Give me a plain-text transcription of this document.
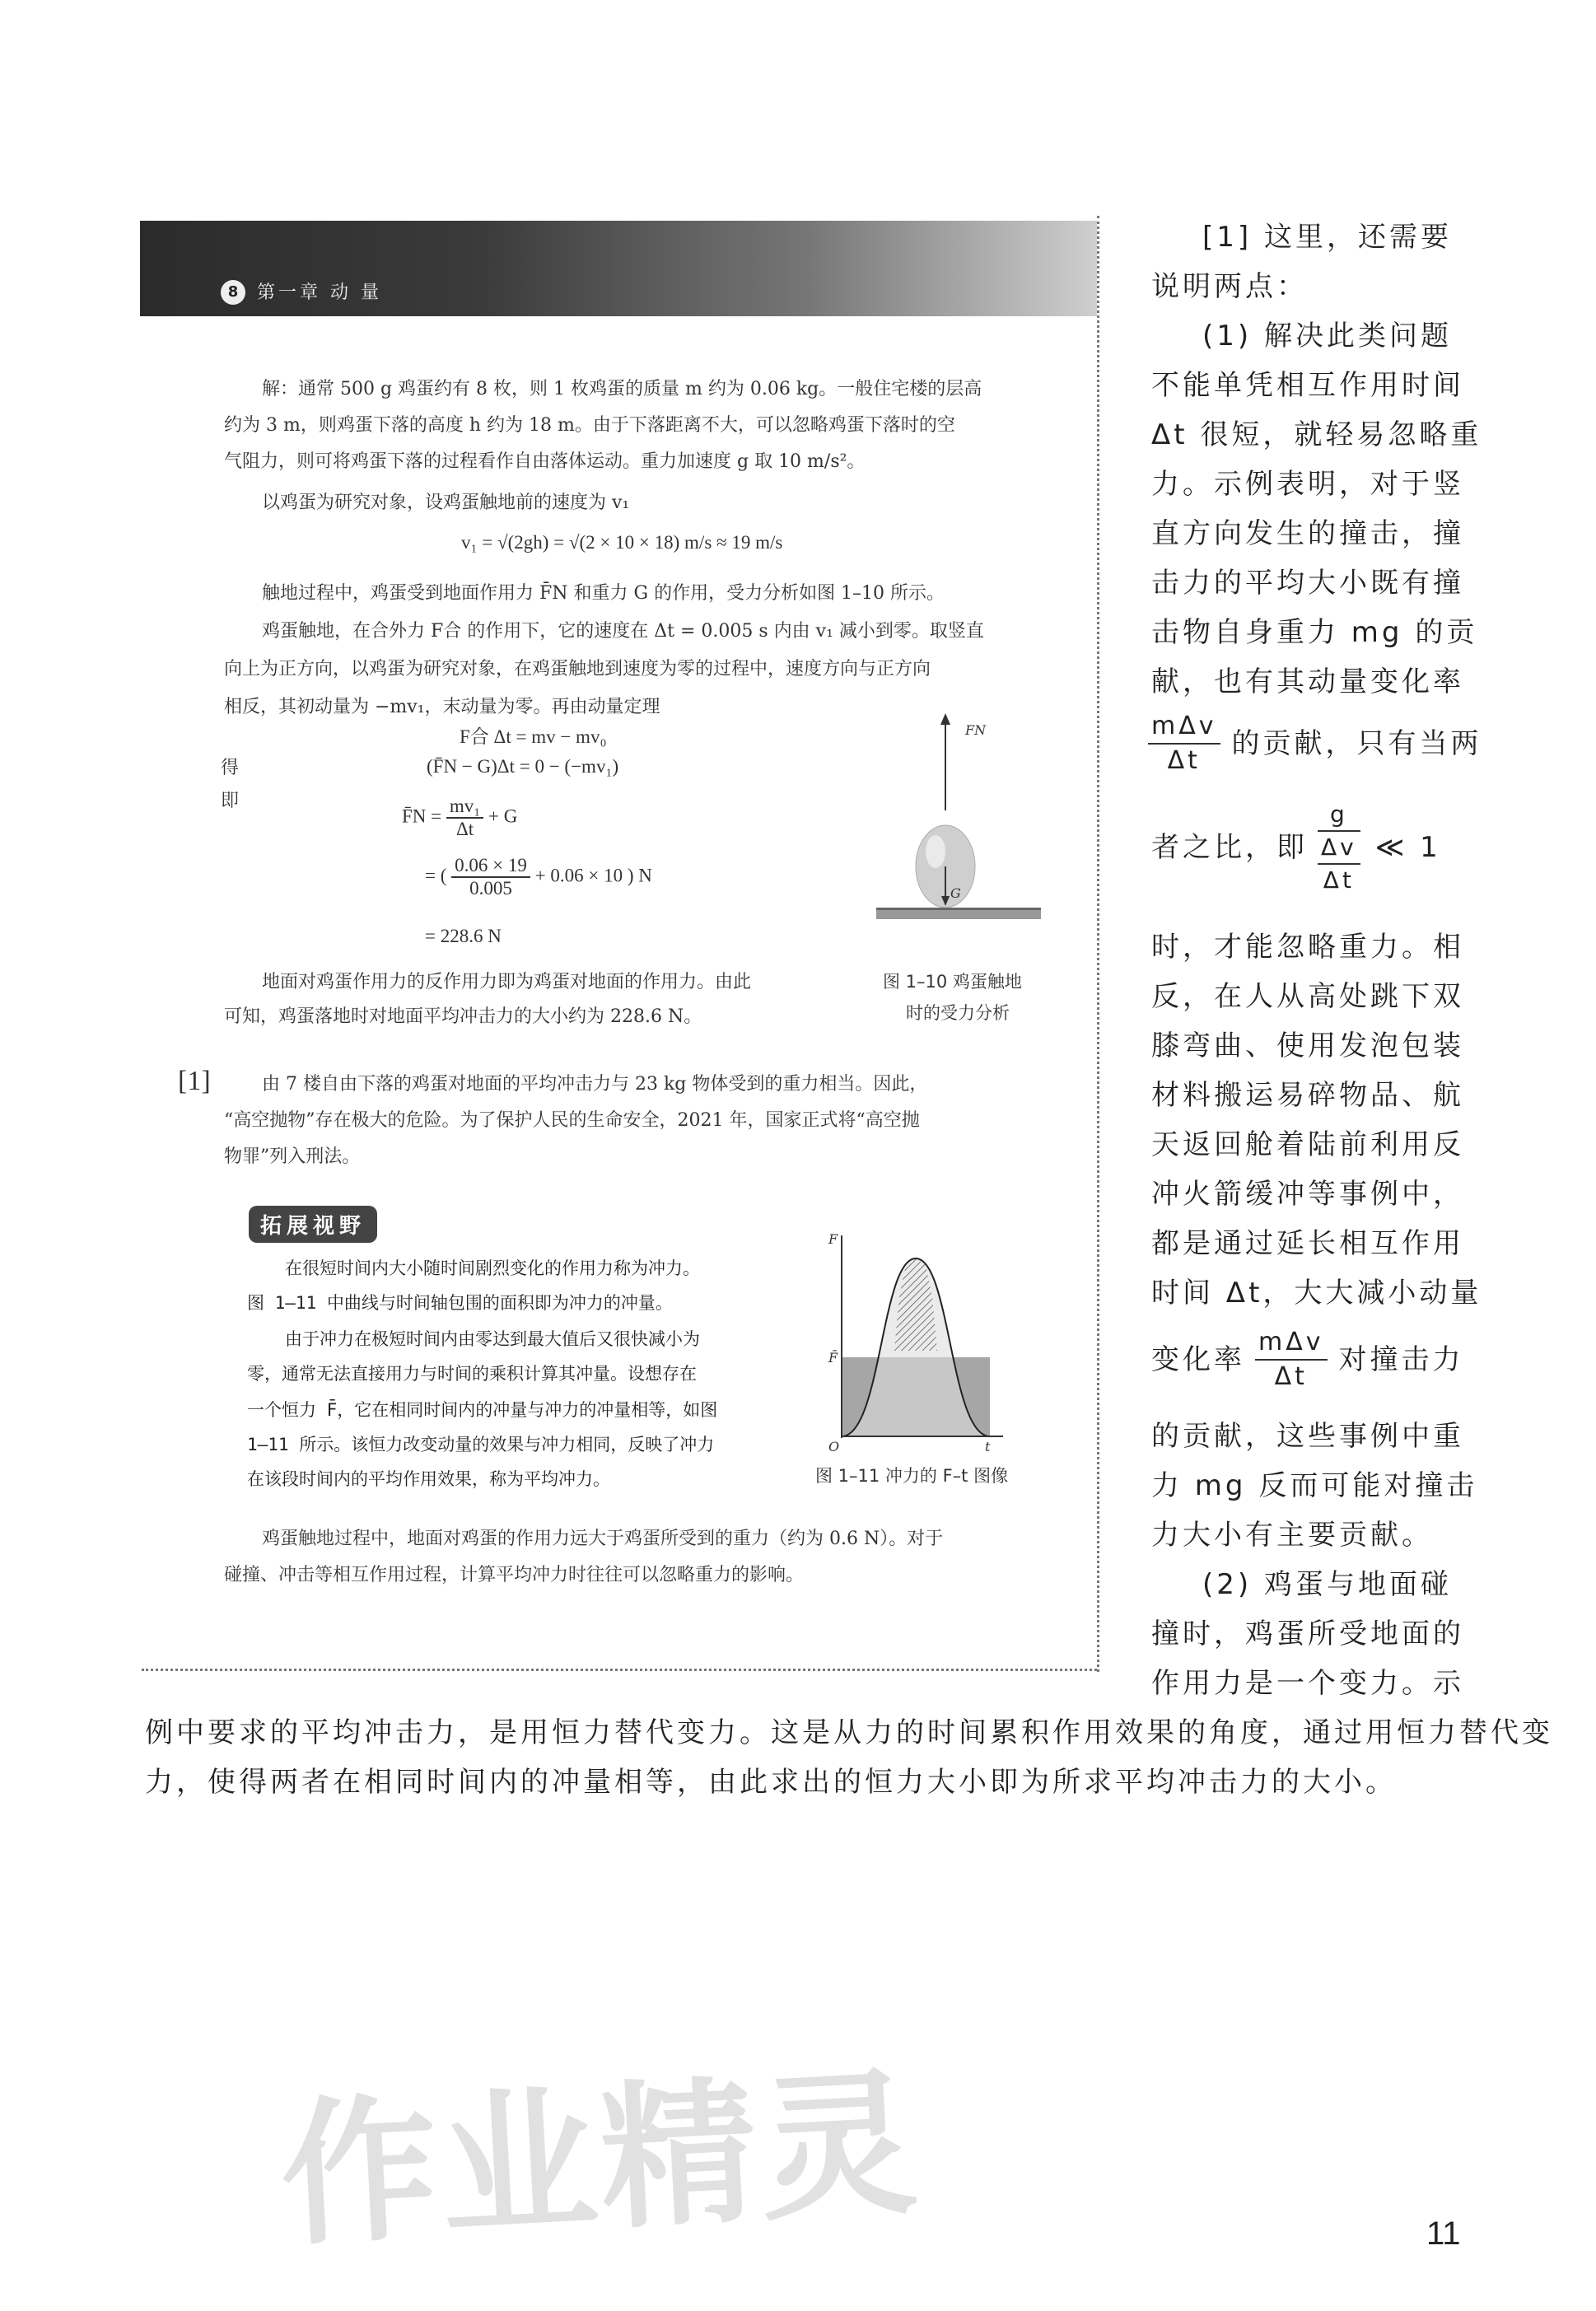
8	第一章 动 量
解：通常 500 g 鸡蛋约有 8 枚，则 1 枚鸡蛋的质量 m 约为 0.06 kg。一般住宅楼的层高
约为 3 m，则鸡蛋下落的高度 h 约为 18 m。由于下落距离不大，可以忽略鸡蛋下落时的空
气阻力，则可将鸡蛋下落的过程看作自由落体运动。重力加速度 g 取 10 m/s²。
以鸡蛋为研究对象，设鸡蛋触地前的速度为 v₁
v₁ = √(2gh) = √(2 × 10 × 18) m/s ≈ 19 m/s
触地过程中，鸡蛋受到地面作用力 F̄N 和重力 G 的作用，受力分析如图 1–10 所示。
鸡蛋触地，在合外力 F合 的作用下，它的速度在 Δt = 0.005 s 内由 v₁ 减小到零。取竖直
向上为正方向，以鸡蛋为研究对象，在鸡蛋触地到速度为零的过程中，速度方向与正方向
相反，其初动量为 −mv₁，末动量为零。再由动量定理
F合 Δt = mv − mv₀
得	(F̄N − G)Δt = 0 − (−mv₁)
即
F̄N = $\frac{\text{mv₁}}{\Delta t} + G$
= ( $\frac{0.06 \times 19}{0.005} + 0.06 \times 10$ ) N
= 228.6 N
地面对鸡蛋作用力的反作用力即为鸡蛋对地面的作用力。由此
可知，鸡蛋落地时对地面平均冲击力的大小约为 228.6 N。
FN
G
图 1–10 鸡蛋触地
时的受力分析
[1]	由 7 楼自由下落的鸡蛋对地面的平均冲击力与 23 kg 物体受到的重力相当。因此，
“高空抛物”存在极大的危险。为了保护人民的生命安全，2021 年，国家正式将“高空抛
物罪”列入刑法。
拓展视野
在很短时间内大小随时间剧烈变化的作用力称为冲力。
图 1–11 中曲线与时间轴包围的面积即为冲力的冲量。
由于冲力在极短时间内由零达到最大值后又很快减小为
零，通常无法直接用力与时间的乘积计算其冲量。设想存在
一个恒力 F̄，它在相同时间内的冲量与冲力的冲量相等，如图
1–11 所示。该恒力改变动量的效果与冲力相同，反映了冲力
在该段时间内的平均作用效果，称为平均冲力。
F
F̄
O	t
图 1–11 冲力的 F–t 图像
鸡蛋触地过程中，地面对鸡蛋的作用力远大于鸡蛋所受到的重力（约为 0.6 N）。对于
碰撞、冲击等相互作用过程，计算平均冲力时往往可以忽略重力的影响。
[1] 这里，还需要
说明两点：
(1) 解决此类问题
不能单凭相互作用时间
Δt 很短，就轻易忽略重
力。示例表明，对于竖
直方向发生的撞击，撞
击力的平均大小既有撞
击物自身重力 mg 的贡
献，也有其动量变化率
$\frac{\text{mΔv}}{\Delta t}$ 的贡献，只有当两
者之比，即
g
Δv
Δt
≪ 1
时，才能忽略重力。相
反，在人从高处跳下双
膝弯曲、使用发泡包装
材料搬运易碎物品、航
天返回舱着陆前利用反
冲火箭缓冲等事例中，
都是通过延长相互作用
时间 Δt，大大减小动量
变化率 $\frac{\text{mΔv}}{\Delta t}$ 对撞击力
的贡献，这些事例中重
力 mg 反而可能对撞击
力大小有主要贡献。
(2) 鸡蛋与地面碰
撞时，鸡蛋所受地面的
作用力是一个变力。示
例中要求的平均冲击力，是用恒力替代变力。这是从力的时间累积作用效果的角度，通过用恒力替代变
力，使得两者在相同时间内的冲量相等，由此求出的恒力大小即为所求平均冲击力的大小。
作业精灵	11
